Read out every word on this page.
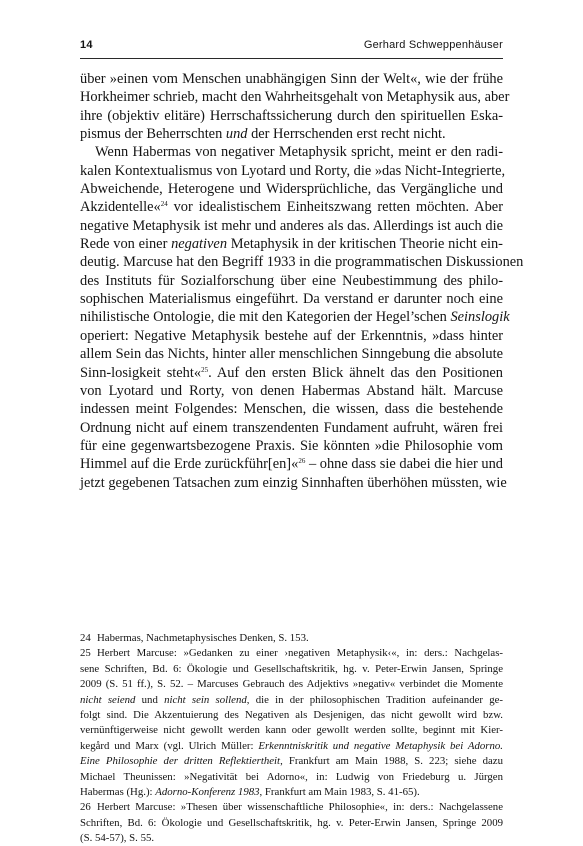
14	Gerhard Schweppenhäuser
über »einen vom Menschen unabhängigen Sinn der Welt«, wie der frühe
Horkheimer schrieb, macht den Wahrheitsgehalt von Metaphysik aus, aber
ihre (objektiv elitäre) Herrschaftssicherung durch den spirituellen Eska-
pismus der Beherrschten und der Herrschenden erst recht nicht.
Wenn Habermas von negativer Metaphysik spricht, meint er den radi-
kalen Kontextualismus von Lyotard und Rorty, die »das Nicht-Integrierte,
Abweichende, Heterogene und Widersprüchliche, das Vergängliche und
Akzidentelle«$^{24}$ vor idealistischem Einheitszwang retten möchten. Aber
negative Metaphysik ist mehr und anderes als das. Allerdings ist auch die
Rede von einer negativen Metaphysik in der kritischen Theorie nicht ein-
deutig. Marcuse hat den Begriff 1933 in die programmatischen Diskussionen
des Instituts für Sozialforschung über eine Neubestimmung des philo-
sophischen Materialismus eingeführt. Da verstand er darunter noch eine
nihilistische Ontologie, die mit den Kategorien der Hegel’schen Seinslogik
operiert: Negative Metaphysik bestehe auf der Erkenntnis, »dass hinter
allem Sein das Nichts, hinter aller menschlichen Sinngebung die absolute
Sinn-losigkeit steht«$^{25}$. Auf den ersten Blick ähnelt das den Positionen
von Lyotard und Rorty, von denen Habermas Abstand hält. Marcuse
indessen meint Folgendes: Menschen, die wissen, dass die bestehende
Ordnung nicht auf einem transzendenten Fundament aufruht, wären frei
für eine gegenwartsbezogene Praxis. Sie könnten »die Philosophie vom
Himmel auf die Erde zurückführ[en]«$^{26}$ – ohne dass sie dabei die hier und
jetzt gegebenen Tatsachen zum einzig Sinnhaften überhöhen müssten, wie
24 Habermas, Nachmetaphysisches Denken, S. 153.
25 Herbert Marcuse: »Gedanken zu einer ›negativen Metaphysik‹«, in: ders.: Nachgelas-
sene Schriften, Bd. 6: Ökologie und Gesellschaftskritik, hg. v. Peter-Erwin Jansen, Springe
2009 (S. 51 ff.), S. 52. – Marcuses Gebrauch des Adjektivs »negativ« verbindet die Momente
nicht seiend und nicht sein sollend, die in der philosophischen Tradition aufeinander ge-
folgt sind. Die Akzentuierung des Negativen als Desjenigen, das nicht gewollt wird bzw.
vernünftigerweise nicht gewollt werden kann oder gewollt werden sollte, beginnt mit Kier-
kegård und Marx (vgl. Ulrich Müller: Erkenntniskritik und negative Metaphysik bei Adorno.
Eine Philosophie der dritten Reflektiertheit, Frankfurt am Main 1988, S. 223; siehe dazu
Michael Theunissen: »Negativität bei Adorno«, in: Ludwig von Friedeburg u. Jürgen
Habermas (Hg.): Adorno-Konferenz 1983, Frankfurt am Main 1983, S. 41-65).
26 Herbert Marcuse: »Thesen über wissenschaftliche Philosophie«, in: ders.: Nachgelassene
Schriften, Bd. 6: Ökologie und Gesellschaftskritik, hg. v. Peter-Erwin Jansen, Springe 2009
(S. 54-57), S. 55.
